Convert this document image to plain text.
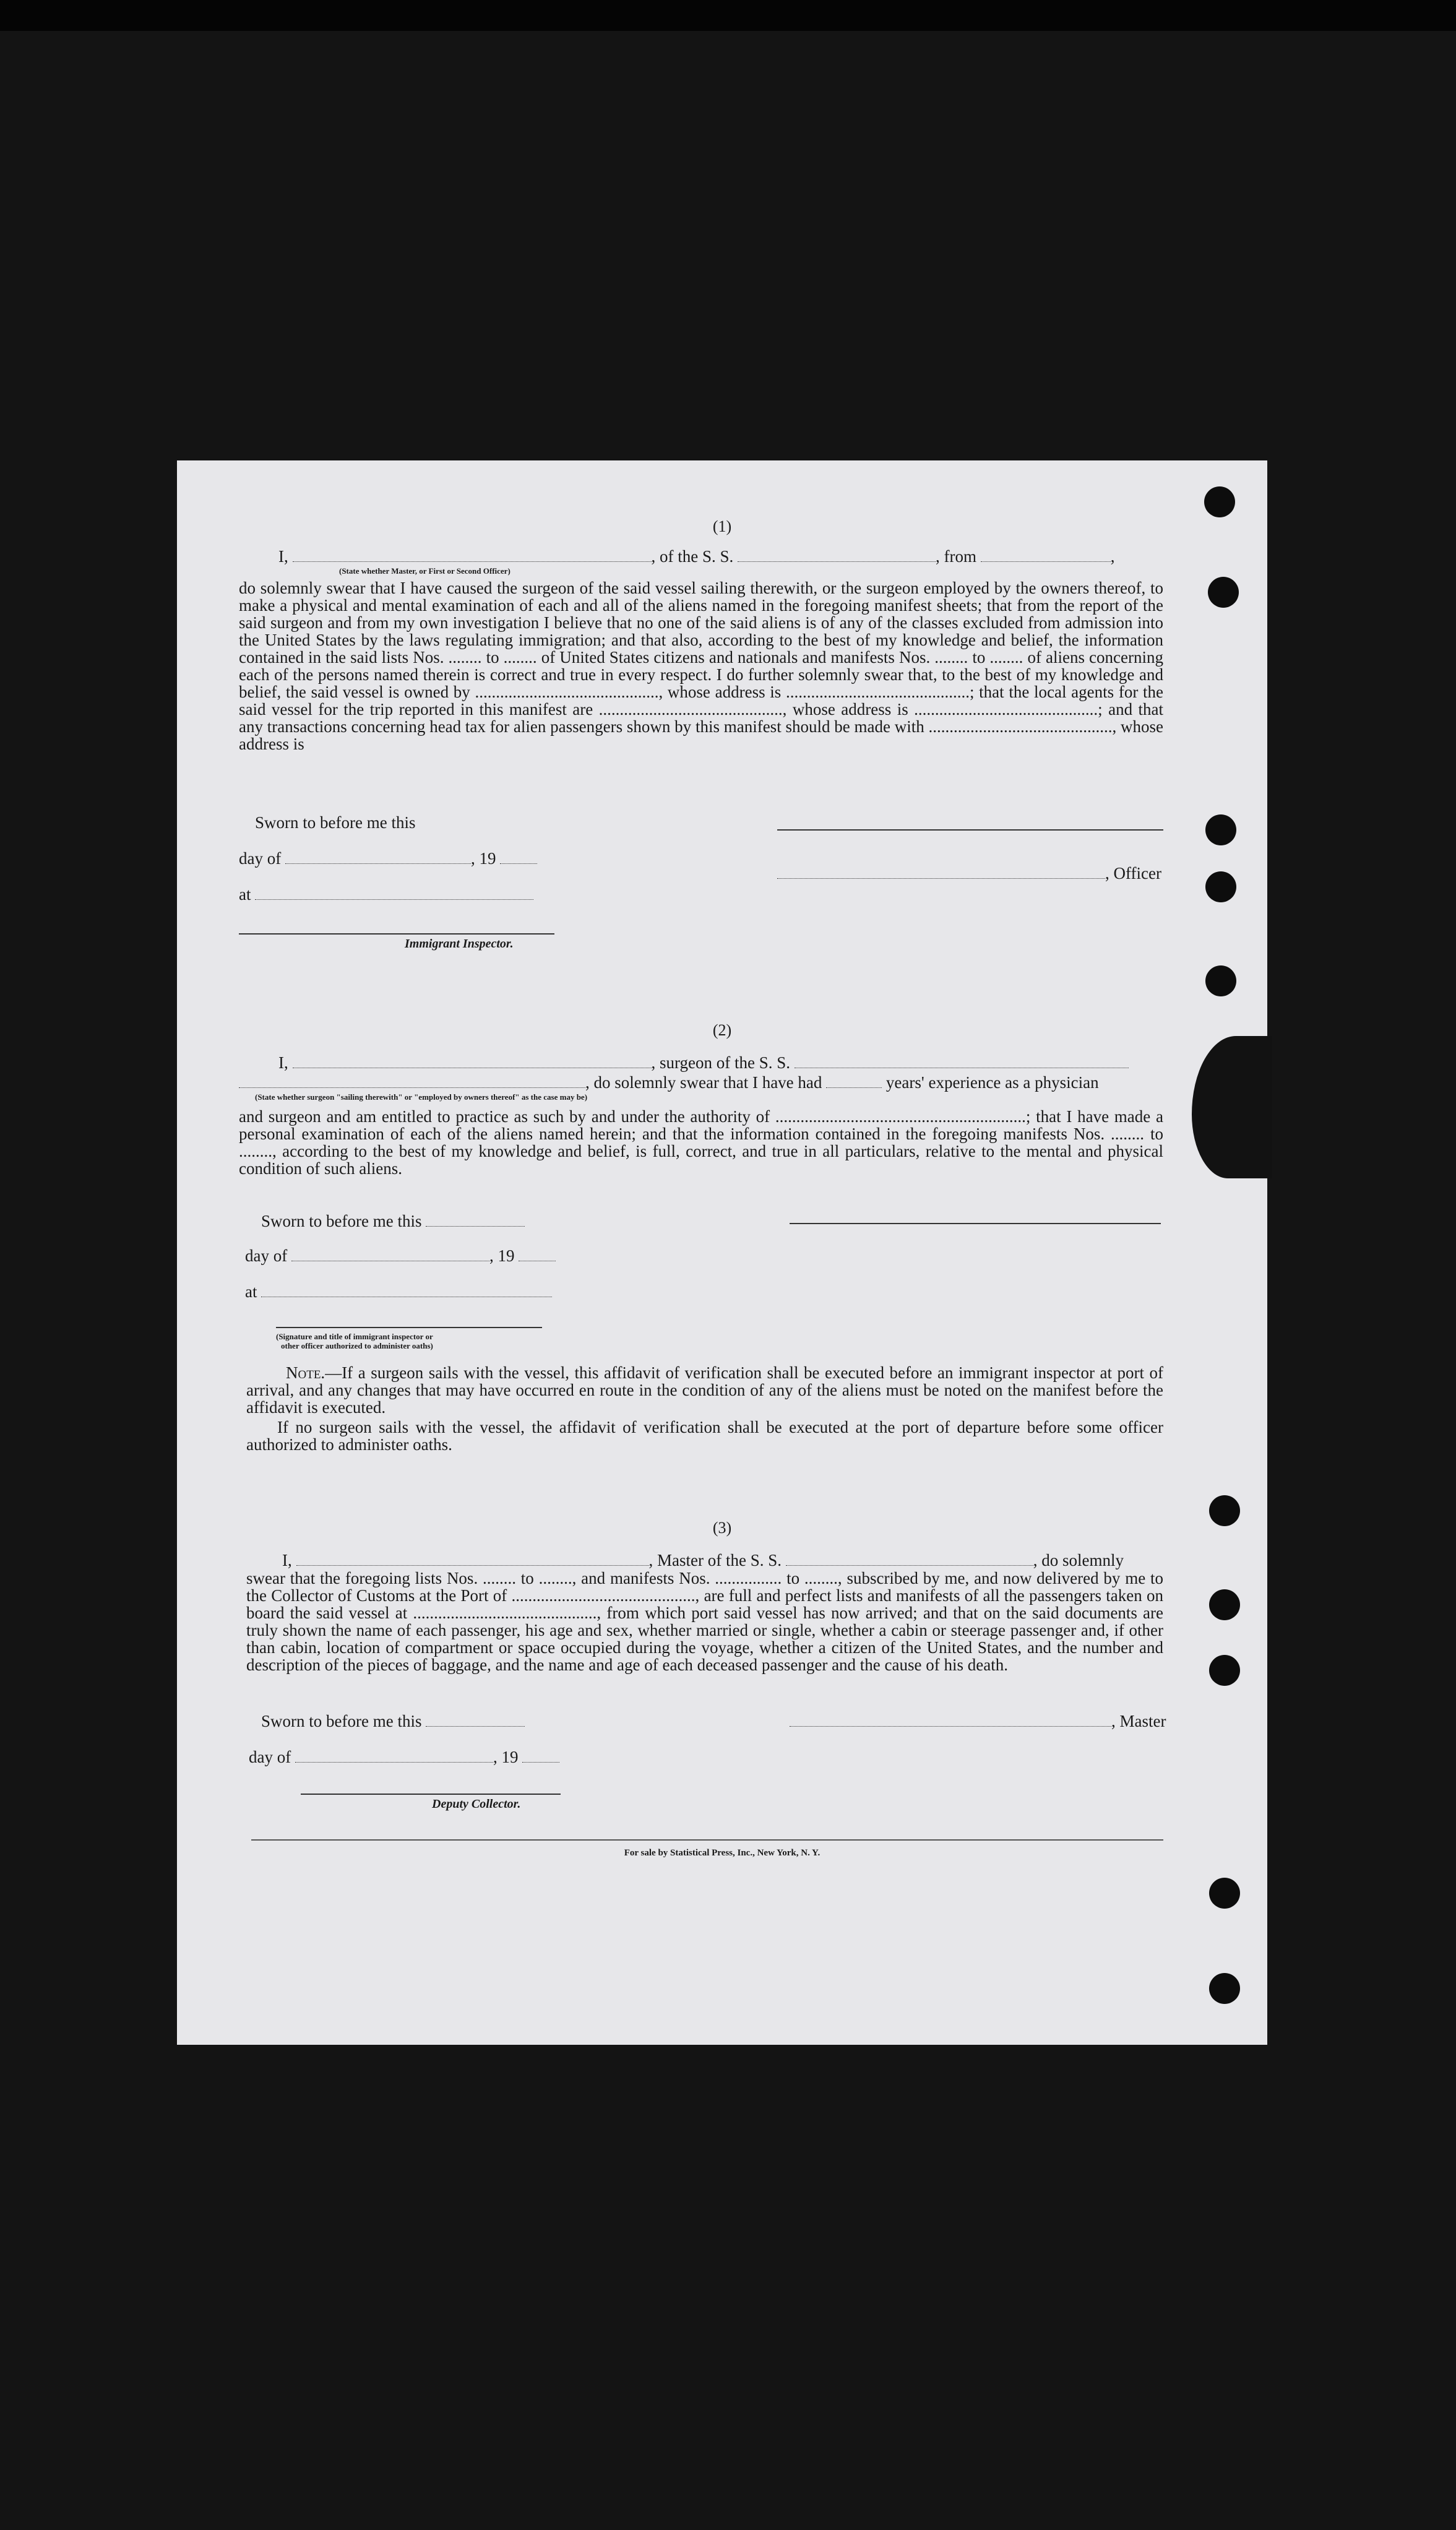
(1)
I,	, of the S. S.	, from	,
(State whether Master, or First or Second Officer)
do solemnly swear that I have caused the surgeon of the said vessel sailing therewith, or the surgeon employed by the owners thereof, to make a physical and mental examination of each and all of the aliens named in the foregoing manifest sheets; that from the report of the said surgeon and from my own investigation I believe that no one of the said aliens is of any of the classes excluded from admission into the United States by the laws regulating immigration; and that also, according to the best of my knowledge and belief, the information contained in the said lists Nos. ........ to ........ of United States citizens and nationals and manifests Nos. ........ to ........ of aliens concerning each of the persons named therein is correct and true in every respect. I do further solemnly swear that, to the best of my knowledge and belief, the said vessel is owned by ............................................, whose address is ............................................; that the local agents for the said vessel for the trip reported in this manifest are ............................................, whose address is ............................................; and that any transactions concerning head tax for alien passengers shown by this manifest should be made with ............................................, whose address is
Sworn to before me this
day of	, 19
at
Immigrant Inspector.
, Officer
(2)
I,	, surgeon of the S. S.
, do solemnly swear that I have had	years' experience as a physician
(State whether surgeon "sailing therewith" or "employed by owners thereof" as the case may be)
and surgeon and am entitled to practice as such by and under the authority of ............................................................; that I have made a personal examination of each of the aliens named herein; and that the information contained in the foregoing manifests Nos. ........ to ........, according to the best of my knowledge and belief, is full, correct, and true in all particulars, relative to the mental and physical condition of such aliens.
Sworn to before me this
day of	, 19
at
(Signature and title of immigrant inspector or
other officer authorized to administer oaths)
Note.—If a surgeon sails with the vessel, this affidavit of verification shall be executed before an immigrant inspector at port of arrival, and any changes that may have occurred en route in the condition of any of the aliens must be noted on the manifest before the affidavit is executed.
If no surgeon sails with the vessel, the affidavit of verification shall be executed at the port of departure before some officer authorized to administer oaths.
(3)
I,	, Master of the S. S.	, do solemnly
swear that the foregoing lists Nos. ........ to ........, and manifests Nos. ................ to ........, subscribed by me, and now delivered by me to the Collector of Customs at the Port of ............................................, are full and perfect lists and manifests of all the passengers taken on board the said vessel at ............................................, from which port said vessel has now arrived; and that on the said documents are truly shown the name of each passenger, his age and sex, whether married or single, whether a cabin or steerage passenger and, if other than cabin, location of compartment or space occupied during the voyage, whether a citizen of the United States, and the number and description of the pieces of baggage, and the name and age of each deceased passenger and the cause of his death.
Sworn to before me this	, Master
day of	, 19
Deputy Collector.
For sale by Statistical Press, Inc., New York, N. Y.
